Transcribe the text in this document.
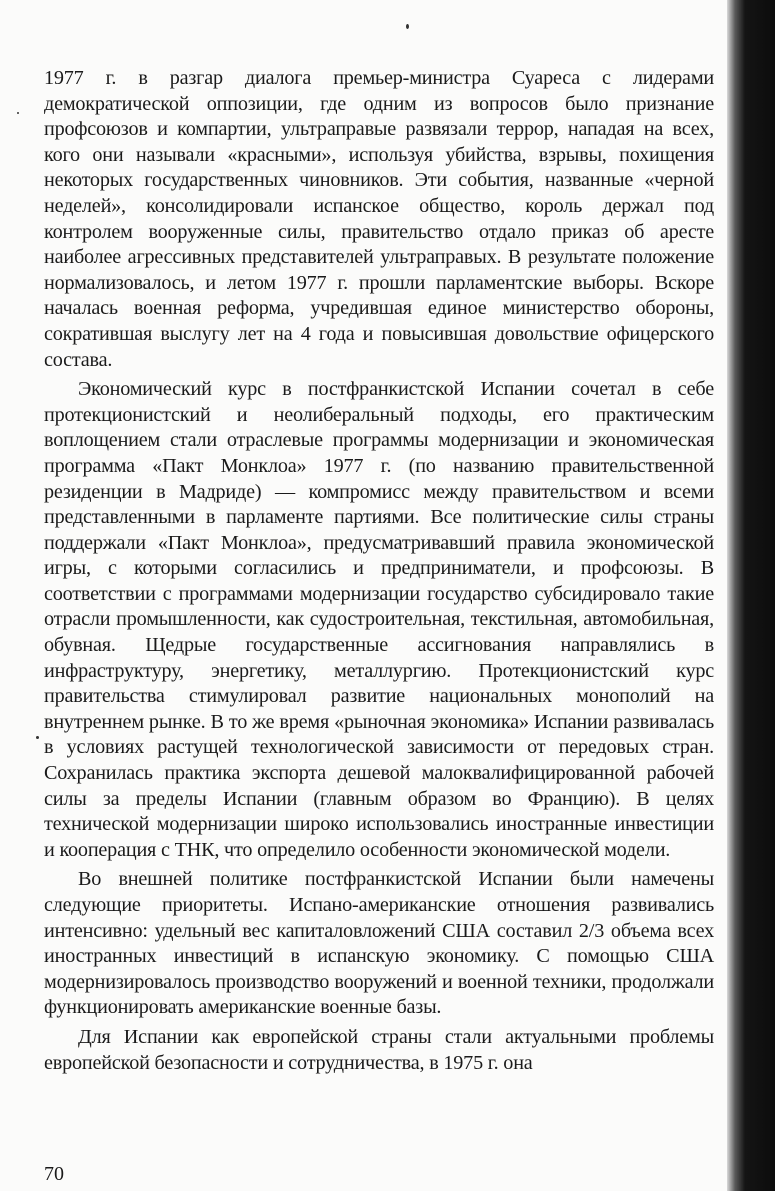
1977 г. в разгар диалога премьер-министра Суареса с лидерами демократической оппозиции, где одним из вопросов было признание профсоюзов и компартии, ультраправые развязали террор, нападая на всех, кого они называли «красными», используя убийства, взрывы, похищения некоторых государственных чиновников. Эти события, названные «черной неделей», консолидировали испанское общество, король держал под контролем вооруженные силы, правительство отдало приказ об аресте наиболее агрессивных представителей ультраправых. В результате положение нормализовалось, и летом 1977 г. прошли парламентские выборы. Вскоре началась военная реформа, учредившая единое министерство обороны, сократившая выслугу лет на 4 года и повысившая довольствие офицерского состава.

Экономический курс в постфранкистской Испании сочетал в себе протекционистский и неолиберальный подходы, его практическим воплощением стали отраслевые программы модернизации и экономическая программа «Пакт Монклоа» 1977 г. (по названию правительственной резиденции в Мадриде) — компромисс между правительством и всеми представленными в парламенте партиями. Все политические силы страны поддержали «Пакт Монклоа», предусматривавший правила экономической игры, с которыми согласились и предприниматели, и профсоюзы. В соответствии с программами модернизации государство субсидировало такие отрасли промышленности, как судостроительная, текстильная, автомобильная, обувная. Щедрые государственные ассигнования направлялись в инфраструктуру, энергетику, металлургию. Протекционистский курс правительства стимулировал развитие национальных монополий на внутреннем рынке. В то же время «рыночная экономика» Испании развивалась в условиях растущей технологической зависимости от передовых стран. Сохранилась практика экспорта дешевой малоквалифицированной рабочей силы за пределы Испании (главным образом во Францию). В целях технической модернизации широко использовались иностранные инвестиции и кооперация с ТНК, что определило особенности экономической модели.

Во внешней политике постфранкистской Испании были намечены следующие приоритеты. Испано-американские отношения развивались интенсивно: удельный вес капиталовложений США составил 2/3 объема всех иностранных инвестиций в испанскую экономику. С помощью США модернизировалось производство вооружений и военной техники, продолжали функционировать американские военные базы.

Для Испании как европейской страны стали актуальными проблемы европейской безопасности и сотрудничества, в 1975 г. она

70
